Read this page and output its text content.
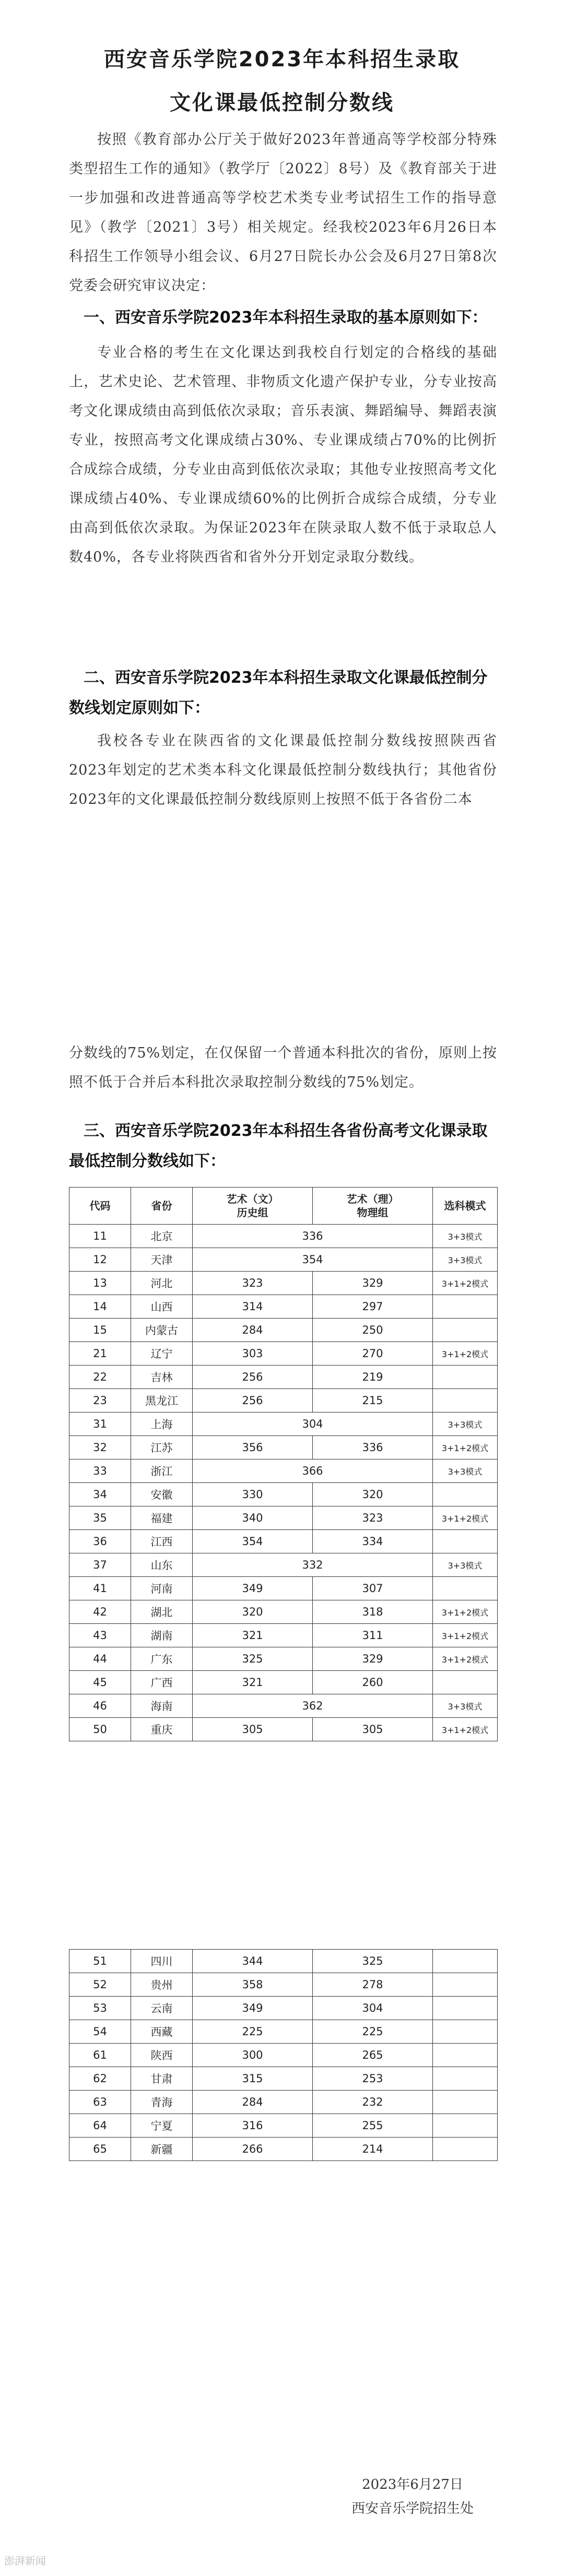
西安音乐学院2023年本科招生录取
文化课最低控制分数线

按照《教育部办公厅关于做好2023年普通高等学校部分特殊类型招生工作的通知》（教学厅〔2022〕8号）及《教育部关于进一步加强和改进普通高等学校艺术类专业考试招生工作的指导意见》（教学〔2021〕3号）相关规定。经我校2023年6月26日本科招生工作领导小组会议、6月27日院长办公会及6月27日第8次党委会研究审议决定：

一、西安音乐学院2023年本科招生录取的基本原则如下：

专业合格的考生在文化课达到我校自行划定的合格线的基础上，艺术史论、艺术管理、非物质文化遗产保护专业，分专业按高考文化课成绩由高到低依次录取；音乐表演、舞蹈编导、舞蹈表演专业，按照高考文化课成绩占30%、专业课成绩占70%的比例折合成综合成绩，分专业由高到低依次录取；其他专业按照高考文化课成绩占40%、专业课成绩60%的比例折合成综合成绩，分专业由高到低依次录取。为保证2023年在陕录取人数不低于录取总人数40%，各专业将陕西省和省外分开划定录取分数线。

二、西安音乐学院2023年本科招生录取文化课最低控制分数线划定原则如下：

我校各专业在陕西省的文化课最低控制分数线按照陕西省2023年划定的艺术类本科文化课最低控制分数线执行；其他省份2023年的文化课最低控制分数线原则上按照不低于各省份二本

分数线的75%划定，在仅保留一个普通本科批次的省份，原则上按照不低于合并后本科批次录取控制分数线的75%划定。

三、西安音乐学院2023年本科招生各省份高考文化课录取最低控制分数线如下：

代码	省份	艺术（文）
历史组	艺术（理）
物理组	选科模式
11	北京	336		3+3模式
12	天津	354		3+3模式
13	河北	323	329	3+1+2模式
14	山西	314	297	
15	内蒙古	284	250	
21	辽宁	303	270	3+1+2模式
22	吉林	256	219	
23	黑龙江	256	215	
31	上海	304		3+3模式
32	江苏	356	336	3+1+2模式
33	浙江	366		3+3模式
34	安徽	330	320	
35	福建	340	323	3+1+2模式
36	江西	354	334	
37	山东	332		3+3模式
41	河南	349	307	
42	湖北	320	318	3+1+2模式
43	湖南	321	311	3+1+2模式
44	广东	325	329	3+1+2模式
45	广西	321	260	
46	海南	362		3+3模式
50	重庆	305	305	3+1+2模式
51	四川	344	325	
52	贵州	358	278	
53	云南	349	304	
54	西藏	225	225	
61	陕西	300	265	
62	甘肃	315	253	
63	青海	284	232	
64	宁夏	316	255	
65	新疆	266	214	

2023年6月27日

西安音乐学院招生处

澎湃新闻
